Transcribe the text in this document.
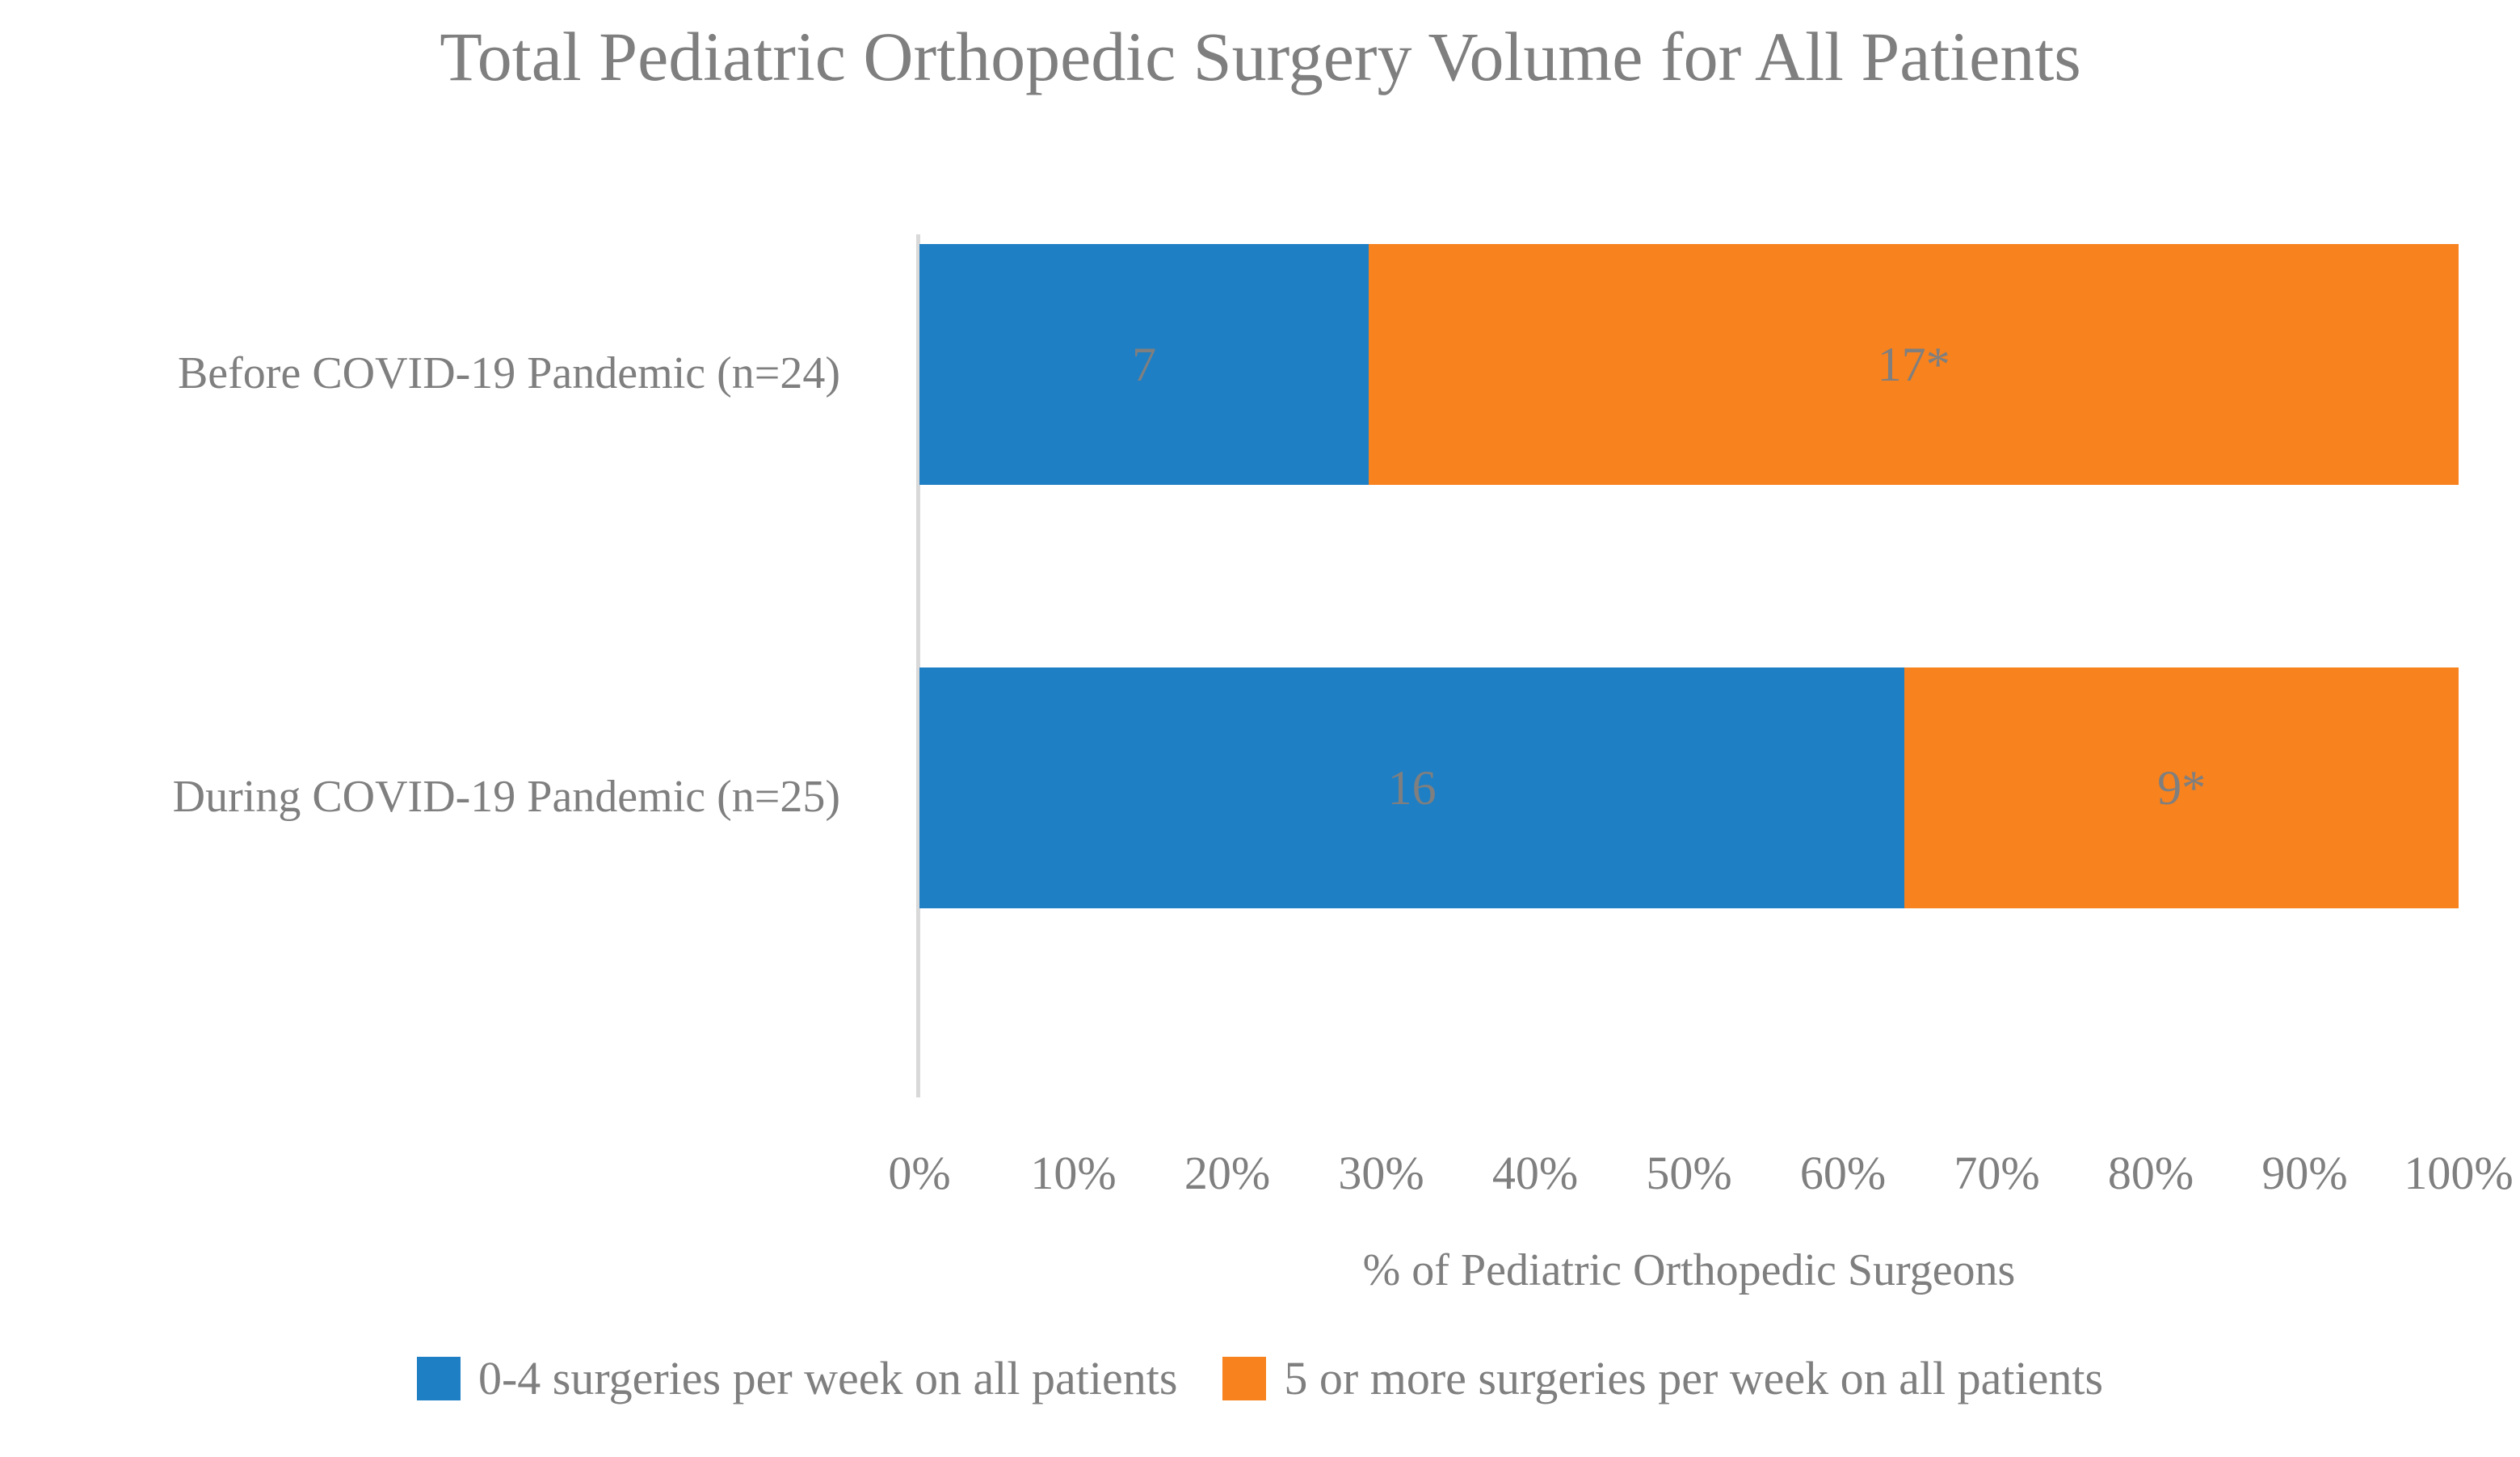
Total Pediatric Orthopedic Surgery Volume for All Patients
Before COVID-19 Pandemic (n=24)
During COVID-19 Pandemic (n=25)
7	17*
16	9*
0% 10% 20% 30% 40% 50% 60% 70% 80% 90% 100%
% of Pediatric Orthopedic Surgeons
0-4 surgeries per week on all patients 5 or more surgeries per week on all patients
